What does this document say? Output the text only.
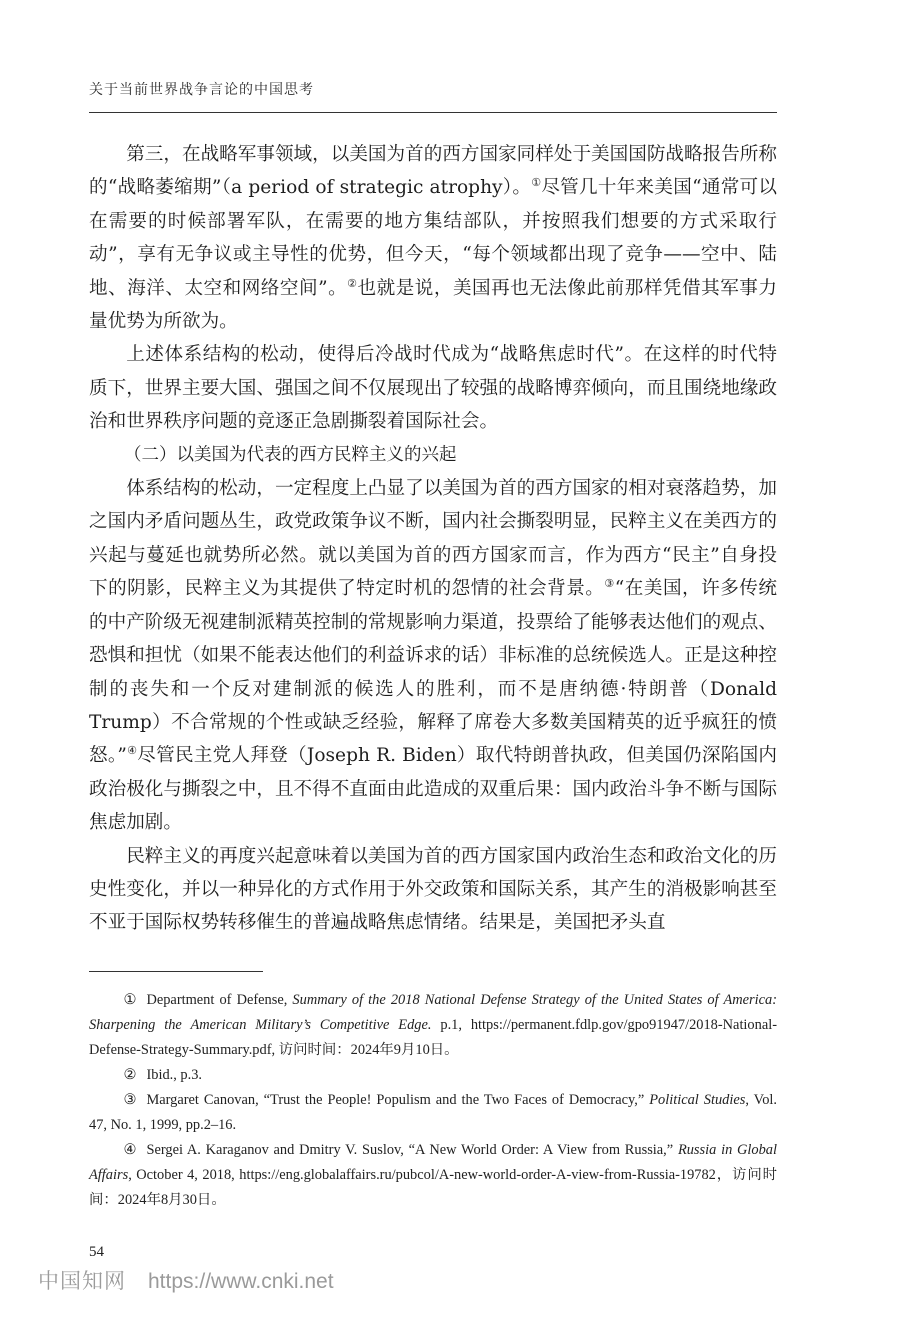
关于当前世界战争言论的中国思考

第三，在战略军事领域，以美国为首的西方国家同样处于美国国防战略报告所称的“战略萎缩期”（a period of strategic atrophy）。①尽管几十年来美国“通常可以在需要的时候部署军队，在需要的地方集结部队，并按照我们想要的方式采取行动”，享有无争议或主导性的优势，但今天，“每个领域都出现了竞争——空中、陆地、海洋、太空和网络空间”。②也就是说，美国再也无法像此前那样凭借其军事力量优势为所欲为。

上述体系结构的松动，使得后冷战时代成为“战略焦虑时代”。在这样的时代特质下，世界主要大国、强国之间不仅展现出了较强的战略博弈倾向，而且围绕地缘政治和世界秩序问题的竞逐正急剧撕裂着国际社会。

（二）以美国为代表的西方民粹主义的兴起

体系结构的松动，一定程度上凸显了以美国为首的西方国家的相对衰落趋势，加之国内矛盾问题丛生，政党政策争议不断，国内社会撕裂明显，民粹主义在美西方的兴起与蔓延也就势所必然。就以美国为首的西方国家而言，作为西方“民主”自身投下的阴影，民粹主义为其提供了特定时机的怨情的社会背景。③“在美国，许多传统的中产阶级无视建制派精英控制的常规影响力渠道，投票给了能够表达他们的观点、恐惧和担忧（如果不能表达他们的利益诉求的话）非标准的总统候选人。正是这种控制的丧失和一个反对建制派的候选人的胜利，而不是唐纳德·特朗普（Donald Trump）不合常规的个性或缺乏经验，解释了席卷大多数美国精英的近乎疯狂的愤怒。”④尽管民主党人拜登（Joseph R. Biden）取代特朗普执政，但美国仍深陷国内政治极化与撕裂之中，且不得不直面由此造成的双重后果：国内政治斗争不断与国际焦虑加剧。

民粹主义的再度兴起意味着以美国为首的西方国家国内政治生态和政治文化的历史性变化，并以一种异化的方式作用于外交政策和国际关系，其产生的消极影响甚至不亚于国际权势转移催生的普遍战略焦虑情绪。结果是，美国把矛头直

① Department of Defense, Summary of the 2018 National Defense Strategy of the United States of America: Sharpening the American Military’s Competitive Edge. p.1, https://permanent.fdlp.gov/gpo91947/2018-National-Defense-Strategy-Summary.pdf, 访问时间：2024年9月10日。

② Ibid., p.3.

③ Margaret Canovan, “Trust the People! Populism and the Two Faces of Democracy,” Political Studies, Vol. 47, No. 1, 1999, pp.2–16.

④ Sergei A. Karaganov and Dmitry V. Suslov, “A New World Order: A View from Russia,” Russia in Global Affairs, October 4, 2018, https://eng.globalaffairs.ru/pubcol/A-new-world-order-A-view-from-Russia-19782，访问时间：2024年8月30日。

54
中国知网 https://www.cnki.net
